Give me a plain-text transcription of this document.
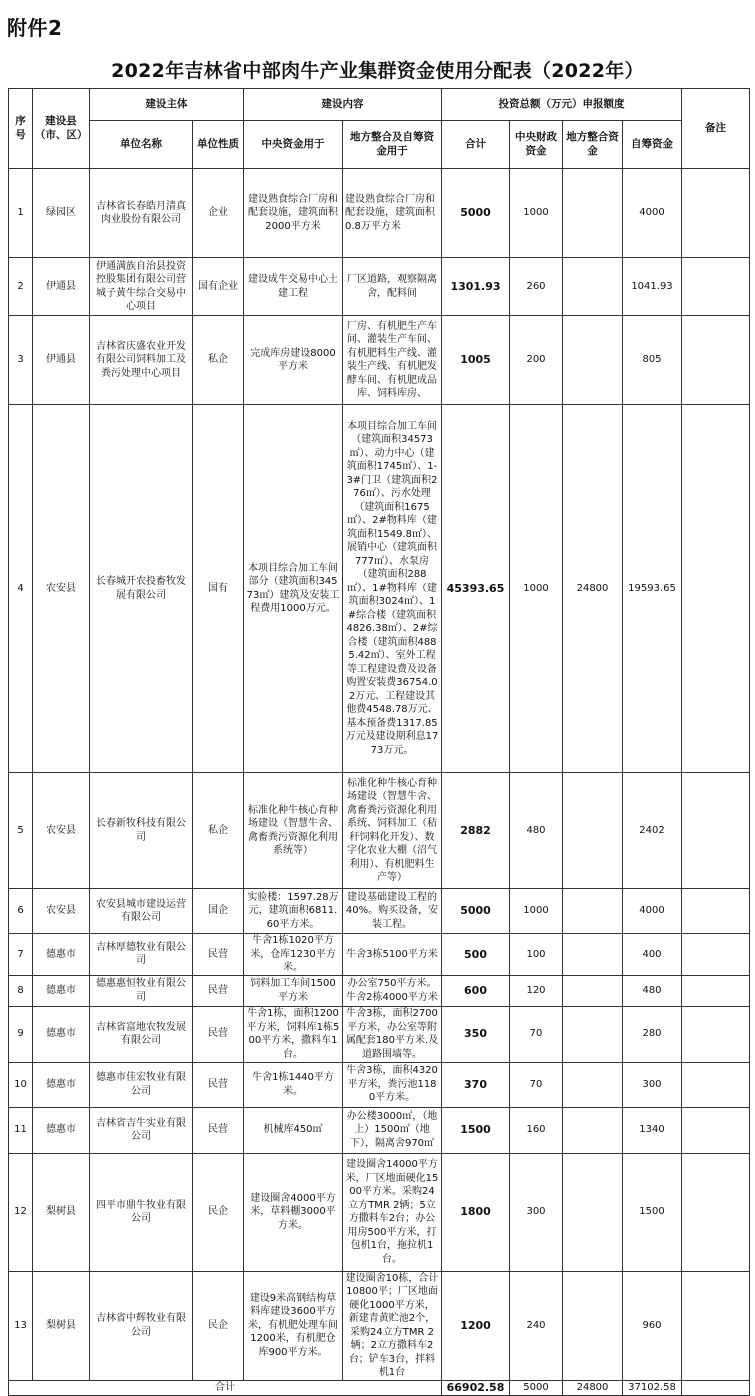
附件2
2022年吉林省中部肉牛产业集群资金使用分配表（2022年）
序号	建设县（市、区）	建设主体		建设内容		投资总额（万元）申报额度				备注
		单位名称	单位性质	中央资金用于	地方整合及自筹资金用于	合计	中央财政资金	地方整合资金	自筹资金	
1	绿园区	吉林省长春皓月清真肉业股份有限公司	企业	建设熟食综合厂房和配套设施，建筑面积2000平方米	建设熟食综合厂房和配套设施，建筑面积0.8万平方米	5000	1000		4000	
2	伊通县	伊通满族自治县投资控股集团有限公司营城子黄牛综合交易中心项目	国有企业	建设成牛交易中心土建工程	厂区道路，观察隔离舍，配料间	1301.93	260		1041.93	
3	伊通县	吉林省庆盛农业开发有限公司饲料加工及粪污处理中心项目	私企	完成库房建设8000平方米	厂房、有机肥生产车间、灌装生产车间、有机肥料生产线、灌装生产线、有机肥发酵车间、有机肥成品库、饲料库房、	1005	200		805	
4	农安县	长春城开农投畜牧发展有限公司	国有	本项目综合加工车间部分（建筑面积34573㎡）建筑及安装工程费用1000万元。	本项目综合加工车间（建筑面积34573㎡）、动力中心（建筑面积1745㎡）、1-3#门卫（建筑面积276㎡）、污水处理（建筑面积1675㎡）、2#物料库（建筑面积1549.8㎡）、展销中心（建筑面积777㎡）、水泵房（建筑面积288㎡）、1#物料库（建筑面积3024㎡）、1#综合楼（建筑面积4826.38㎡）、2#综合楼（建筑面积4885.42㎡）、室外工程等工程建设费及设备购置安装费36754.02万元、工程建设其他费4548.78万元、基本预备费1317.85万元及建设期利息1773万元。	45393.65	1000	24800	19593.65	
5	农安县	长春新牧科技有限公司	私企	标准化种牛核心育种场建设（智慧牛舍、禽畜粪污资源化利用系统等）	标准化种牛核心育种场建设（智慧牛舍、禽畜粪污资源化利用系统、饲料加工（秸秆饲料化开发）、数字化农业大棚（沼气利用）、有机肥料生产等）	2882	480		2402	
6	农安县	农安县城市建设运营有限公司	国企	实验楼：1597.28万元，建筑面积6811.60平方米。	建设基础建设工程的40%。购买设备，安装工程。	5000	1000		4000	
7	德惠市	吉林厚德牧业有限公司	民营	牛舍1栋1020平方米，仓库1230平方米。	牛舍3栋5100平方米	500	100		400	
8	德惠市	德惠惠恒牧业有限公司	民营	饲料加工车间1500平方米	办公室750平方米。牛舍2栋4000平方米	600	120		480	
9	德惠市	吉林省富地农牧发展有限公司	民营	牛舍1栋，面积1200平方米，饲料库1栋500平方米，撒料车1台。	牛舍3栋，面积2700平方米，办公室等附属配套180平方米.及道路围墙等。	350	70		280	
10	德惠市	德惠市佳宏牧业有限公司	民营	牛舍1栋1440平方米。	牛舍3栋，面积4320平方米，粪污池1180平方米。	370	70		300	
11	德惠市	吉林省吉牛实业有限公司	民营	机械库450㎡	办公楼3000㎡，（地上）1500㎡（地下），隔离舍970㎡	1500	160		1340	
12	梨树县	四平市鼎牛牧业有限公司	民企	建设圈舍4000平方米，草料棚3000平方米。	建设圈舍14000平方米，厂区地面硬化1500平方米。采购24立方TMR 2辆；5立方撒料车2台；办公用房500平方米，打包机1台，拖拉机1台。	1800	300		1500	
13	梨树县	吉林省中辉牧业有限公司	民企	建设9米高钢结构草料库建设3600平方米，有机肥处理车间1200米，有机肥仓库900平方米。	建设圈舍10栋，合计10800平；厂区地面硬化1000平方米，新建青黄贮池2个，采购24立方TMR 2辆；2立方撒料车2台；铲车3台，拌料机1台	1200	240		960	
合计						66902.58	5000	24800	37102.58	
